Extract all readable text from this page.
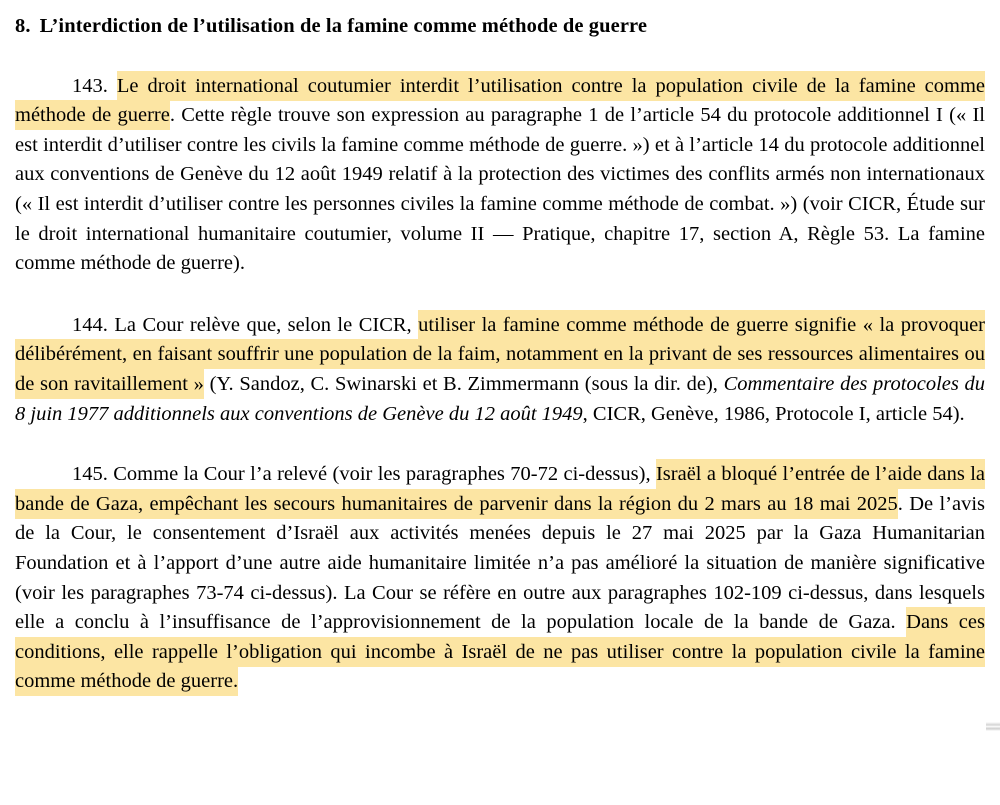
8. L’interdiction de l’utilisation de la famine comme méthode de guerre

143. Le droit international coutumier interdit l’utilisation contre la population civile de la famine comme méthode de guerre. Cette règle trouve son expression au paragraphe 1 de l’article 54 du protocole additionnel I (« Il est interdit d’utiliser contre les civils la famine comme méthode de guerre. ») et à l’article 14 du protocole additionnel aux conventions de Genève du 12 août 1949 relatif à la protection des victimes des conflits armés non internationaux (« Il est interdit d’utiliser contre les personnes civiles la famine comme méthode de combat. ») (voir CICR, Étude sur le droit international humanitaire coutumier, volume II — Pratique, chapitre 17, section A, Règle 53. La famine comme méthode de guerre).

144. La Cour relève que, selon le CICR, utiliser la famine comme méthode de guerre signifie « la provoquer délibérément, en faisant souffrir une population de la faim, notamment en la privant de ses ressources alimentaires ou de son ravitaillement » (Y. Sandoz, C. Swinarski et B. Zimmermann (sous la dir. de), Commentaire des protocoles du 8 juin 1977 additionnels aux conventions de Genève du 12 août 1949, CICR, Genève, 1986, Protocole I, article 54).

145. Comme la Cour l’a relevé (voir les paragraphes 70-72 ci-dessus), Israël a bloqué l’entrée de l’aide dans la bande de Gaza, empêchant les secours humanitaires de parvenir dans la région du 2 mars au 18 mai 2025. De l’avis de la Cour, le consentement d’Israël aux activités menées depuis le 27 mai 2025 par la Gaza Humanitarian Foundation et à l’apport d’une autre aide humanitaire limitée n’a pas amélioré la situation de manière significative (voir les paragraphes 73-74 ci-dessus). La Cour se réfère en outre aux paragraphes 102-109 ci-dessus, dans lesquels elle a conclu à l’insuffisance de l’approvisionnement de la population locale de la bande de Gaza. Dans ces conditions, elle rappelle l’obligation qui incombe à Israël de ne pas utiliser contre la population civile la famine comme méthode de guerre.
